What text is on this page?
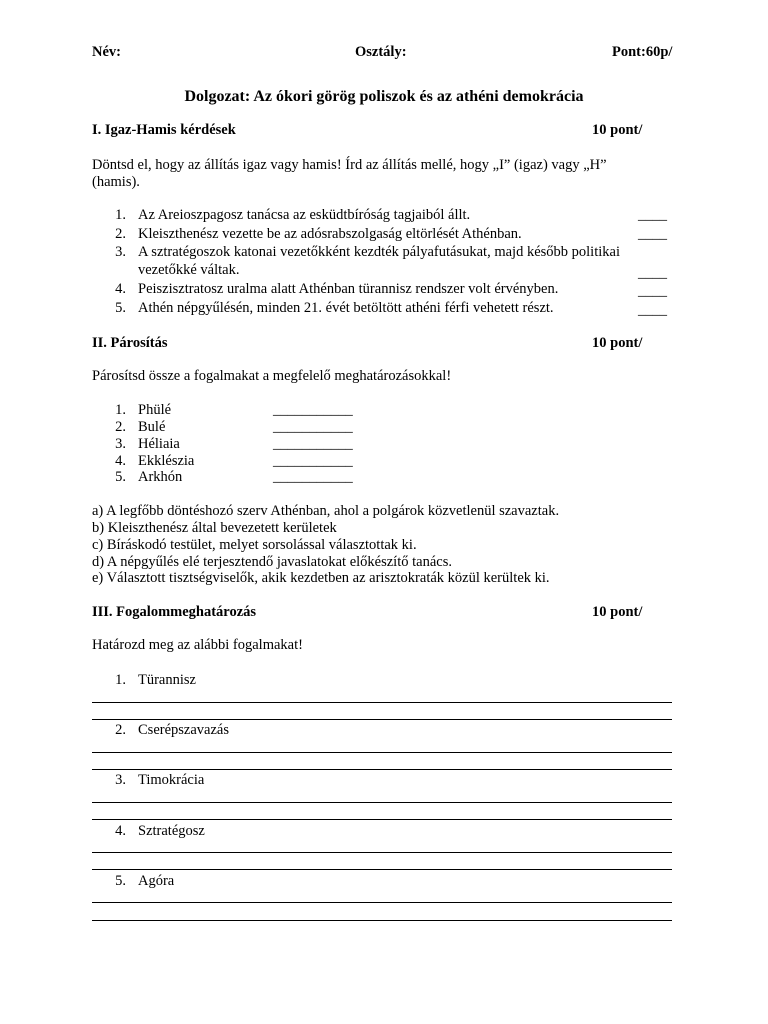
Név:	Osztály:	Pont:60p/
Dolgozat: Az ókori görög poliszok és az athéni demokrácia
I. Igaz-Hamis kérdések	10 pont/
Döntsd el, hogy az állítás igaz vagy hamis! Írd az állítás mellé, hogy „I” (igaz) vagy „H”
(hamis).
1. Az Areioszpagosz tanácsa az esküdtbíróság tagjaiból állt.	____
2. Kleiszthenész vezette be az adósrabszolgaság eltörlését Athénban.	____
3. A sztratégoszok katonai vezetőkként kezdték pályafutásukat, majd később politikai
vezetőkké váltak.	____
4. Peiszisztratosz uralma alatt Athénban türannisz rendszer volt érvényben.	____
5. Athén népgyűlésén, minden 21. évét betöltött athéni férfi vehetett részt.	____
II. Párosítás	10 pont/
Párosítsd össze a fogalmakat a megfelelő meghatározásokkal!
1. Phülé	___________
2. Bulé	___________
3. Héliaia	___________
4. Ekklészia	___________
5. Arkhón	___________
a) A legfőbb döntéshozó szerv Athénban, ahol a polgárok közvetlenül szavaztak.
b) Kleiszthenész által bevezetett kerületek
c) Bíráskodó testület, melyet sorsolással választottak ki.
d) A népgyűlés elé terjesztendő javaslatokat előkészítő tanács.
e) Választott tisztségviselők, akik kezdetben az arisztokraták közül kerültek ki.
III. Fogalommeghatározás	10 pont/
Határozd meg az alábbi fogalmakat!
1. Türannisz
2. Cserépszavazás
3. Timokrácia
4. Sztratégosz
5. Agóra
